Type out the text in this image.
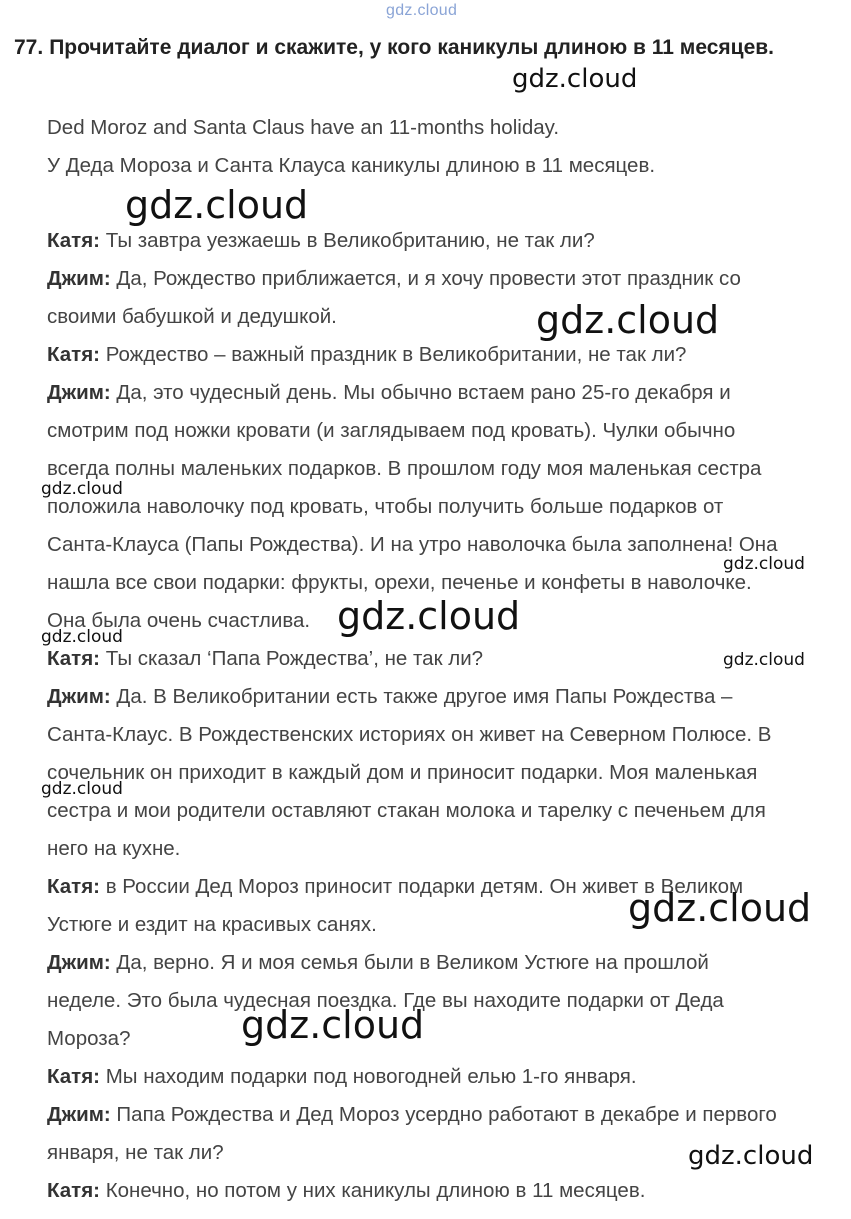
gdz.cloud
77. Прочитайте диалог и скажите, у кого каникулы длиною в 11 месяцев.
Ded Moroz and Santa Claus have an 11-months holiday.
У Деда Мороза и Санта Клауса каникулы длиною в 11 месяцев.
Катя: Ты завтра уезжаешь в Великобританию, не так ли?
Джим: Да, Рождество приближается, и я хочу провести этот праздник со
своими бабушкой и дедушкой.
Катя: Рождество – важный праздник в Великобритании, не так ли?
Джим: Да, это чудесный день. Мы обычно встаем рано 25-го декабря и
смотрим под ножки кровати (и заглядываем под кровать). Чулки обычно
всегда полны маленьких подарков. В прошлом году моя маленькая сестра
положила наволочку под кровать, чтобы получить больше подарков от
Санта-Клауса (Папы Рождества). И на утро наволочка была заполнена! Она
нашла все свои подарки: фрукты, орехи, печенье и конфеты в наволочке.
Она была очень счастлива.
Катя: Ты сказал ‘Папа Рождества’, не так ли?
Джим: Да. В Великобритании есть также другое имя Папы Рождества –
Санта-Клаус. В Рождественских историях он живет на Северном Полюсе. В
сочельник он приходит в каждый дом и приносит подарки. Моя маленькая
сестра и мои родители оставляют стакан молока и тарелку с печеньем для
него на кухне.
Катя: в России Дед Мороз приносит подарки детям. Он живет в Великом
Устюге и ездит на красивых санях.
Джим: Да, верно. Я и моя семья были в Великом Устюге на прошлой
неделе. Это была чудесная поездка. Где вы находите подарки от Деда
Мороза?
Катя: Мы находим подарки под новогодней елью 1-го января.
Джим: Папа Рождества и Дед Мороз усердно работают в декабре и первого
января, не так ли?
Катя: Конечно, но потом у них каникулы длиною в 11 месяцев.
gdz.cloud
gdz.cloud
gdz.cloud
gdz.cloud
gdz.cloud
gdz.cloud
gdz.cloud
gdz.cloud
gdz.cloud
gdz.cloud
gdz.cloud
gdz.cloud
